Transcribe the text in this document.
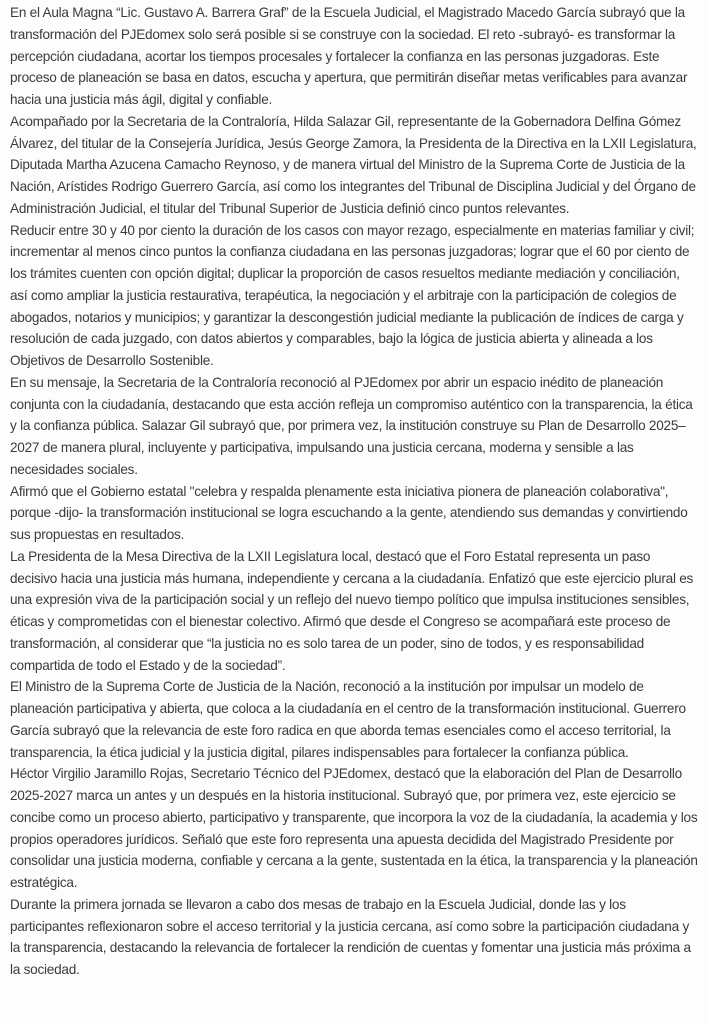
En el Aula Magna “Lic. Gustavo A. Barrera Graf” de la Escuela Judicial, el Magistrado Macedo García subrayó que la transformación del PJEdomex solo será posible si se construye con la sociedad. El reto -subrayó- es transformar la percepción ciudadana, acortar los tiempos procesales y fortalecer la confianza en las personas juzgadoras. Este proceso de planeación se basa en datos, escucha y apertura, que permitirán diseñar metas verificables para avanzar hacia una justicia más ágil, digital y confiable.

Acompañado por la Secretaria de la Contraloría, Hilda Salazar Gil, representante de la Gobernadora Delfina Gómez Álvarez, del titular de la Consejería Jurídica, Jesús George Zamora, la Presidenta de la Directiva en la LXII Legislatura, Diputada Martha Azucena Camacho Reynoso, y de manera virtual del Ministro de la Suprema Corte de Justicia de la Nación, Arístides Rodrigo Guerrero García, así como los integrantes del Tribunal de Disciplina Judicial y del Órgano de Administración Judicial, el titular del Tribunal Superior de Justicia definió cinco puntos relevantes.

Reducir entre 30 y 40 por ciento la duración de los casos con mayor rezago, especialmente en materias familiar y civil; incrementar al menos cinco puntos la confianza ciudadana en las personas juzgadoras; lograr que el 60 por ciento de los trámites cuenten con opción digital; duplicar la proporción de casos resueltos mediante mediación y conciliación, así como ampliar la justicia restaurativa, terapéutica, la negociación y el arbitraje con la participación de colegios de abogados, notarios y municipios; y garantizar la descongestión judicial mediante la publicación de índices de carga y resolución de cada juzgado, con datos abiertos y comparables, bajo la lógica de justicia abierta y alineada a los Objetivos de Desarrollo Sostenible.

En su mensaje, la Secretaria de la Contraloría reconoció al PJEdomex por abrir un espacio inédito de planeación conjunta con la ciudadanía, destacando que esta acción refleja un compromiso auténtico con la transparencia, la ética y la confianza pública. Salazar Gil subrayó que, por primera vez, la institución construye su Plan de Desarrollo 2025–2027 de manera plural, incluyente y participativa, impulsando una justicia cercana, moderna y sensible a las necesidades sociales.

Afirmó que el Gobierno estatal "celebra y respalda plenamente esta iniciativa pionera de planeación colaborativa", porque -dijo- la transformación institucional se logra escuchando a la gente, atendiendo sus demandas y convirtiendo sus propuestas en resultados.

La Presidenta de la Mesa Directiva de la LXII Legislatura local, destacó que el Foro Estatal representa un paso decisivo hacia una justicia más humana, independiente y cercana a la ciudadanía. Enfatizó que este ejercicio plural es una expresión viva de la participación social y un reflejo del nuevo tiempo político que impulsa instituciones sensibles, éticas y comprometidas con el bienestar colectivo. Afirmó que desde el Congreso se acompañará este proceso de transformación, al considerar que “la justicia no es solo tarea de un poder, sino de todos, y es responsabilidad compartida de todo el Estado y de la sociedad”.

El Ministro de la Suprema Corte de Justicia de la Nación, reconoció a la institución por impulsar un modelo de planeación participativa y abierta, que coloca a la ciudadanía en el centro de la transformación institucional. Guerrero García subrayó que la relevancia de este foro radica en que aborda temas esenciales como el acceso territorial, la transparencia, la ética judicial y la justicia digital, pilares indispensables para fortalecer la confianza pública.

Héctor Virgilio Jaramillo Rojas, Secretario Técnico del PJEdomex, destacó que la elaboración del Plan de Desarrollo 2025-2027 marca un antes y un después en la historia institucional. Subrayó que, por primera vez, este ejercicio se concibe como un proceso abierto, participativo y transparente, que incorpora la voz de la ciudadanía, la academia y los propios operadores jurídicos. Señaló que este foro representa una apuesta decidida del Magistrado Presidente por consolidar una justicia moderna, confiable y cercana a la gente, sustentada en la ética, la transparencia y la planeación estratégica.

Durante la primera jornada se llevaron a cabo dos mesas de trabajo en la Escuela Judicial, donde las y los participantes reflexionaron sobre el acceso territorial y la justicia cercana, así como sobre la participación ciudadana y la transparencia, destacando la relevancia de fortalecer la rendición de cuentas y fomentar una justicia más próxima a la sociedad.
